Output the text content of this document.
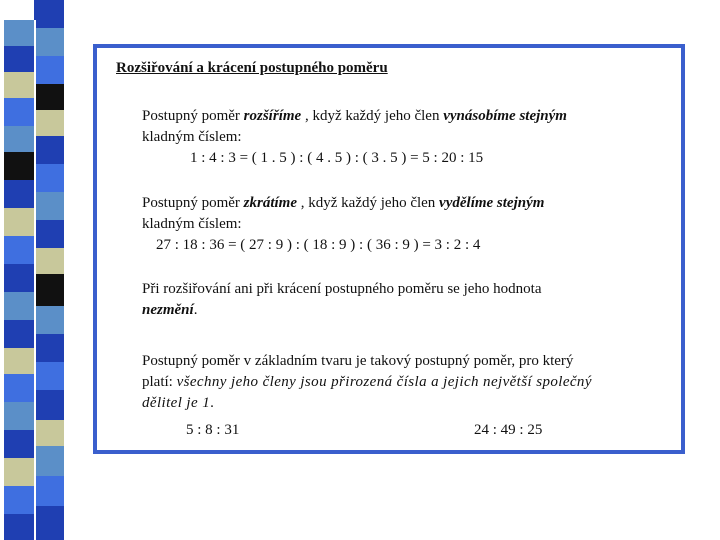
Rozšiřování a krácení postupného poměru
Postupný poměr rozšíříme , když každý jeho člen vynásobíme stejným
kladným číslem:
1 : 4 : 3 = ( 1 . 5 ) : ( 4 . 5 ) : ( 3 . 5 ) = 5 : 20 : 15
Postupný poměr zkrátíme , když každý jeho člen vydělíme stejným
kladným číslem:
27 : 18 : 36 = ( 27 : 9 ) : ( 18 : 9 ) : ( 36 : 9 ) = 3 : 2 : 4
Při rozšiřování ani při krácení postupného poměru se jeho hodnota
nezmění.
Postupný poměr v základním tvaru je takový postupný poměr, pro který
platí: všechny jeho členy jsou přirozená čísla a jejich největší společný
dělitel je 1.
5 : 8 : 31	24 : 49 : 25
